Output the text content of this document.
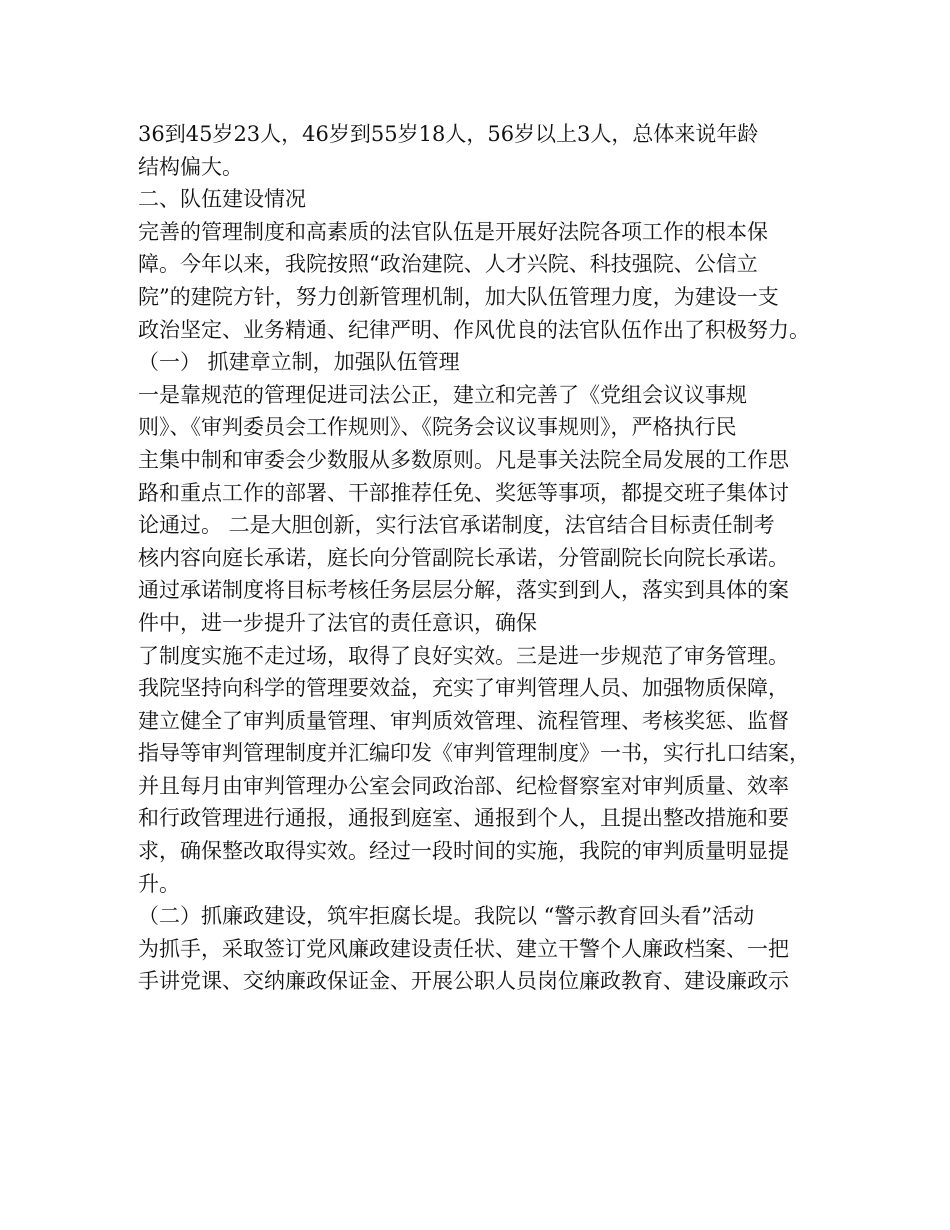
36到45岁23人，46岁到55岁18人，56岁以上3人，总体来说年龄
结构偏大。
二、队伍建设情况
完善的管理制度和高素质的法官队伍是开展好法院各项工作的根本保
障。今年以来，我院按照“政治建院、人才兴院、科技强院、公信立
院”的建院方针，努力创新管理机制，加大队伍管理力度，为建设一支
政治坚定、业务精通、纪律严明、作风优良的法官队伍作出了积极努力。
（一） 抓建章立制，加强队伍管理
一是靠规范的管理促进司法公正，建立和完善了《党组会议议事规
则》、《审判委员会工作规则》、《院务会议议事规则》，严格执行民
主集中制和审委会少数服从多数原则。凡是事关法院全局发展的工作思
路和重点工作的部署、干部推荐任免、奖惩等事项，都提交班子集体讨
论通过。 二是大胆创新，实行法官承诺制度，法官结合目标责任制考
核内容向庭长承诺，庭长向分管副院长承诺，分管副院长向院长承诺。
通过承诺制度将目标考核任务层层分解，落实到到人，落实到具体的案
件中，进一步提升了法官的责任意识，确保
了制度实施不走过场，取得了良好实效。三是进一步规范了审务管理。
我院坚持向科学的管理要效益，充实了审判管理人员、加强物质保障，
建立健全了审判质量管理、审判质效管理、流程管理、考核奖惩、监督
指导等审判管理制度并汇编印发《审判管理制度》一书，实行扎口结案，
并且每月由审判管理办公室会同政治部、纪检督察室对审判质量、效率
和行政管理进行通报，通报到庭室、通报到个人，且提出整改措施和要
求，确保整改取得实效。经过一段时间的实施，我院的审判质量明显提
升。
（二）抓廉政建设，筑牢拒腐长堤。我院以 “警示教育回头看”活动
为抓手，采取签订党风廉政建设责任状、建立干警个人廉政档案、一把
手讲党课、交纳廉政保证金、开展公职人员岗位廉政教育、建设廉政示
